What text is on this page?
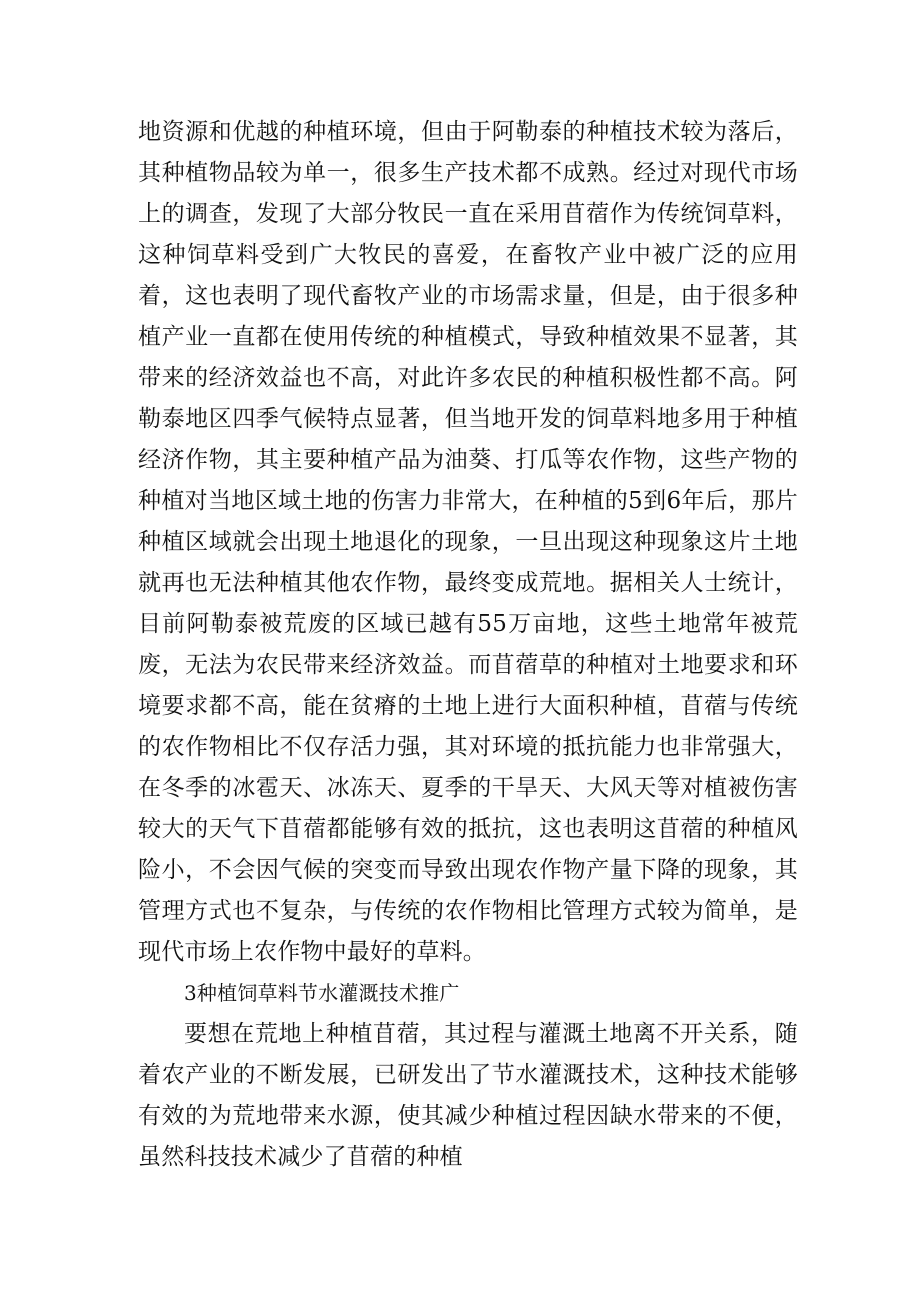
地资源和优越的种植环境，但由于阿勒泰的种植技术较为落后，其种植物品较为单一，很多生产技术都不成熟。经过对现代市场上的调查，发现了大部分牧民一直在采用苜蓿作为传统饲草料，这种饲草料受到广大牧民的喜爱，在畜牧产业中被广泛的应用着，这也表明了现代畜牧产业的市场需求量，但是，由于很多种植产业一直都在使用传统的种植模式，导致种植效果不显著，其带来的经济效益也不高，对此许多农民的种植积极性都不高。阿勒泰地区四季气候特点显著，但当地开发的饲草料地多用于种植经济作物，其主要种植产品为油葵、打瓜等农作物，这些产物的种植对当地区域土地的伤害力非常大，在种植的5到6年后，那片种植区域就会出现土地退化的现象，一旦出现这种现象这片土地就再也无法种植其他农作物，最终变成荒地。据相关人士统计，目前阿勒泰被荒废的区域已越有55万亩地，这些土地常年被荒废，无法为农民带来经济效益。而苜蓿草的种植对土地要求和环境要求都不高，能在贫瘠的土地上进行大面积种植，苜蓿与传统的农作物相比不仅存活力强，其对环境的抵抗能力也非常强大，在冬季的冰雹天、冰冻天、夏季的干旱天、大风天等对植被伤害较大的天气下苜蓿都能够有效的抵抗，这也表明这苜蓿的种植风险小，不会因气候的突变而导致出现农作物产量下降的现象，其管理方式也不复杂，与传统的农作物相比管理方式较为简单，是现代市场上农作物中最好的草料。

3种植饲草料节水灌溉技术推广

要想在荒地上种植苜蓿，其过程与灌溉土地离不开关系，随着农产业的不断发展，已研发出了节水灌溉技术，这种技术能够有效的为荒地带来水源，使其减少种植过程因缺水带来的不便，虽然科技技术减少了苜蓿的种植
